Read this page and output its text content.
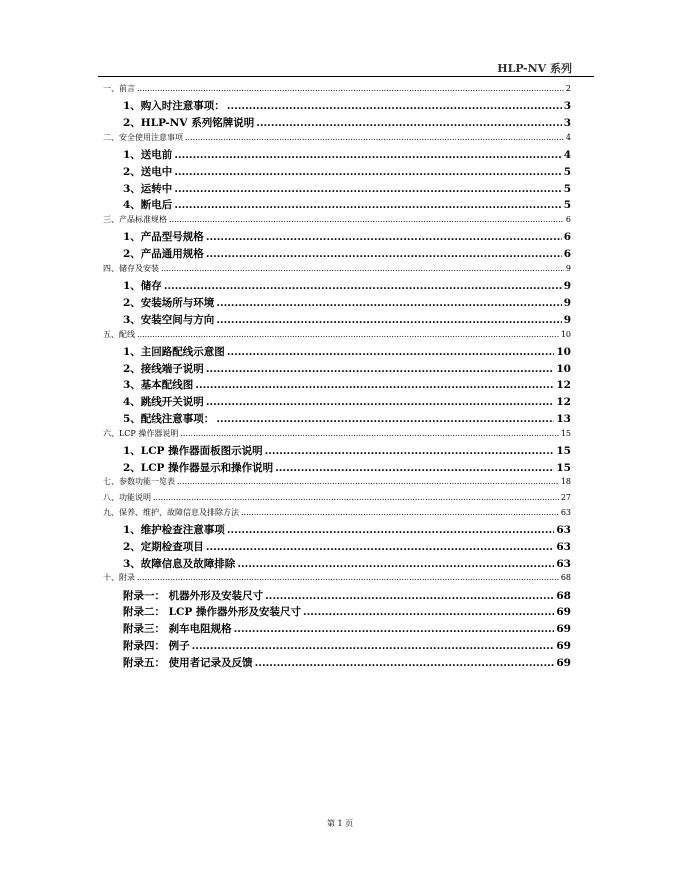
HLP-NV 系列
一、前言 .....	2
1、购入时注意事项： .....	3
2、HLP-NV 系列铭牌说明 .....	3
二、安全使用注意事项 .....	4
1、送电前 .....	4
2、送电中 .....	5
3、运转中 .....	5
4、断电后 .....	5
三、产品标准规格 .....	6
1、产品型号规格 .....	6
2、产品通用规格 .....	6
四、储存及安装 .....	9
1、储存 .....	9
2、安装场所与环境 .....	9
3、安装空间与方向 .....	9
五、配线 .....	10
1、主回路配线示意图 .....	10
2、接线端子说明 .....	10
3、基本配线图 .....	12
4、跳线开关说明 .....	12
5、配线注意事项： .....	13
六、LCP 操作器说明 .....	15
1、LCP 操作器面板图示说明 .....	15
2、LCP 操作器显示和操作说明 .....	15
七、参数功能一览表 .....	18
八、功能说明 .....	27
九、保养、维护、故障信息及排除方法 .....	63
1、维护检查注意事项 .....	63
2、定期检查项目 .....	63
3、故障信息及故障排除 .....	63
十、附录 .....	68
附录一： 机器外形及安装尺寸 .....	68
附录二： LCP 操作器外形及安装尺寸 .....	69
附录三： 刹车电阻规格 .....	69
附录四： 例子 .....	69
附录五： 使用者记录及反馈 .....	69
第 1 页
